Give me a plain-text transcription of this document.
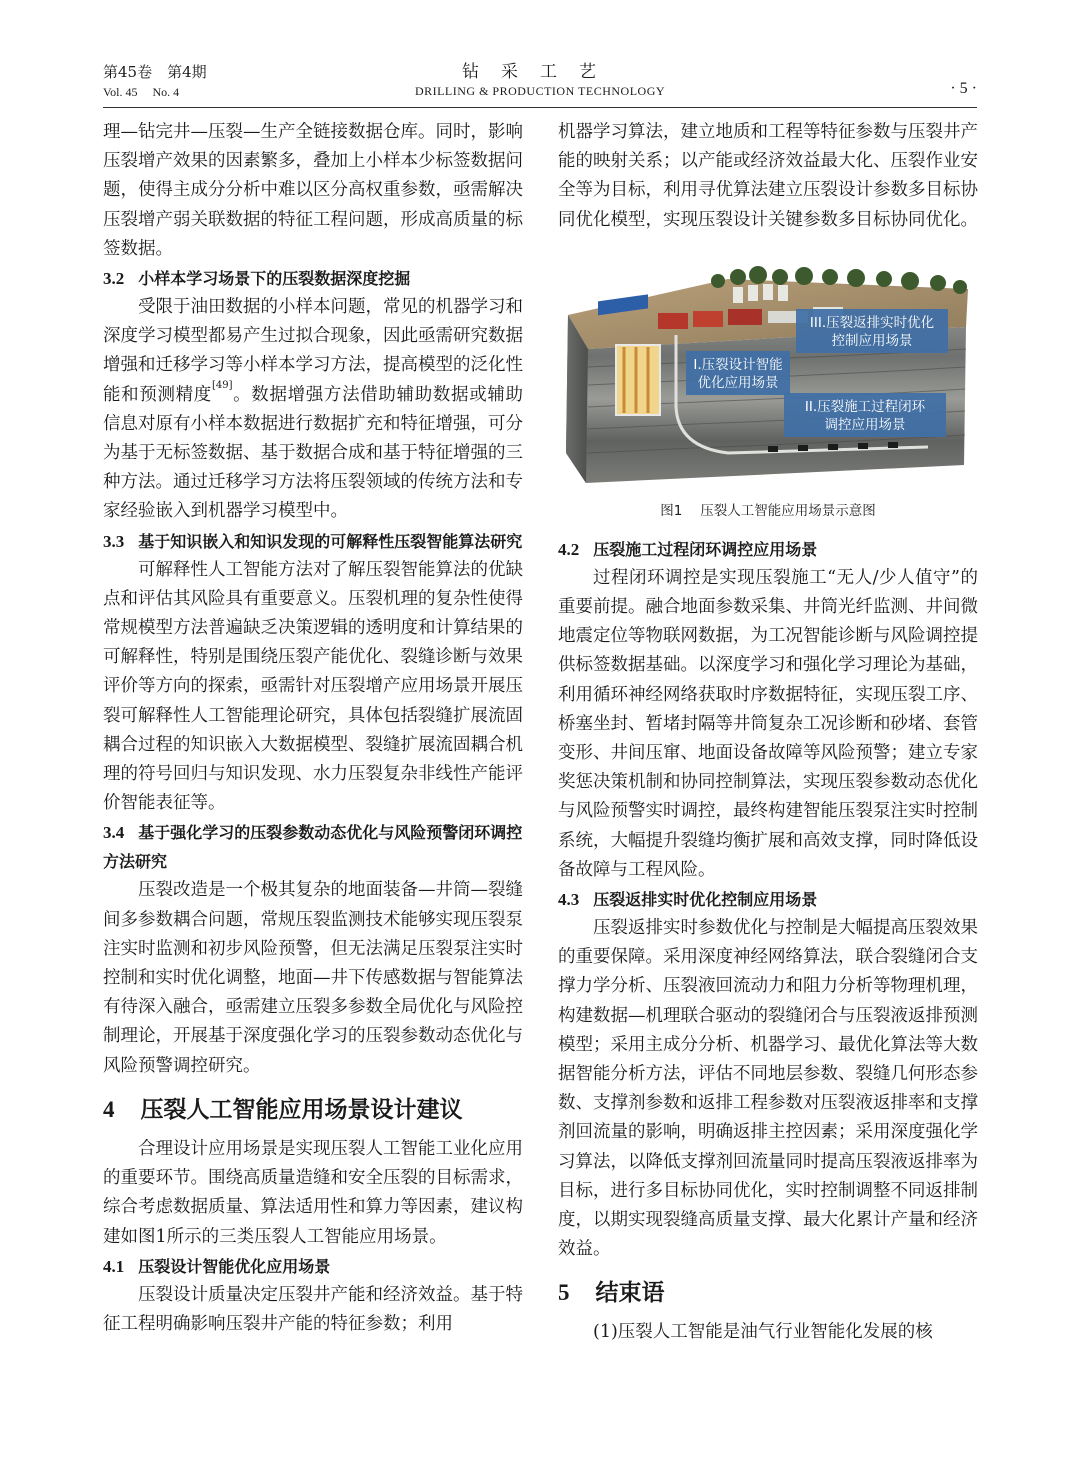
第45卷　第4期
Vol. 45　 No. 4
钻采工艺
DRILLING & PRODUCTION TECHNOLOGY	· 5 ·

理—钻完井—压裂—生产全链接数据仓库。同时，影响压裂增产效果的因素繁多，叠加上小样本少标签数据问题，使得主成分分析中难以区分高权重参数，亟需解决压裂增产弱关联数据的特征工程问题，形成高质量的标签数据。

3.2 小样本学习场景下的压裂数据深度挖掘

受限于油田数据的小样本问题，常见的机器学习和深度学习模型都易产生过拟合现象，因此亟需研究数据增强和迁移学习等小样本学习方法，提高模型的泛化性能和预测精度[49]。数据增强方法借助辅助数据或辅助信息对原有小样本数据进行数据扩充和特征增强，可分为基于无标签数据、基于数据合成和基于特征增强的三种方法。通过迁移学习方法将压裂领域的传统方法和专家经验嵌入到机器学习模型中。

3.3 基于知识嵌入和知识发现的可解释性压裂智能算法研究

可解释性人工智能方法对了解压裂智能算法的优缺点和评估其风险具有重要意义。压裂机理的复杂性使得常规模型方法普遍缺乏决策逻辑的透明度和计算结果的可解释性，特别是围绕压裂产能优化、裂缝诊断与效果评价等方向的探索，亟需针对压裂增产应用场景开展压裂可解释性人工智能理论研究，具体包括裂缝扩展流固耦合过程的知识嵌入大数据模型、裂缝扩展流固耦合机理的符号回归与知识发现、水力压裂复杂非线性产能评价智能表征等。

3.4 基于强化学习的压裂参数动态优化与风险预警闭环调控方法研究

压裂改造是一个极其复杂的地面装备—井筒—裂缝间多参数耦合问题，常规压裂监测技术能够实现压裂泵注实时监测和初步风险预警，但无法满足压裂泵注实时控制和实时优化调整，地面—井下传感数据与智能算法有待深入融合，亟需建立压裂多参数全局优化与风险控制理论，开展基于深度强化学习的压裂参数动态优化与风险预警调控研究。

4 压裂人工智能应用场景设计建议

合理设计应用场景是实现压裂人工智能工业化应用的重要环节。围绕高质量造缝和安全压裂的目标需求，综合考虑数据质量、算法适用性和算力等因素，建议构建如图1所示的三类压裂人工智能应用场景。

4.1 压裂设计智能优化应用场景

压裂设计质量决定压裂井产能和经济效益。基于特征工程明确影响压裂井产能的特征参数；利用

机器学习算法，建立地质和工程等特征参数与压裂井产能的映射关系；以产能或经济效益最大化、压裂作业安全等为目标，利用寻优算法建立压裂设计参数多目标协同优化模型，实现压裂设计关键参数多目标协同优化。

III.压裂返排实时优化
控制应用场景
I.压裂设计智能
优化应用场景
II.压裂施工过程闭环
调控应用场景
图1 压裂人工智能应用场景示意图
4.2 压裂施工过程闭环调控应用场景

过程闭环调控是实现压裂施工“无人/少人值守”的重要前提。融合地面参数采集、井筒光纤监测、井间微地震定位等物联网数据，为工况智能诊断与风险调控提供标签数据基础。以深度学习和强化学习理论为基础，利用循环神经网络获取时序数据特征，实现压裂工序、桥塞坐封、暂堵封隔等井筒复杂工况诊断和砂堵、套管变形、井间压窜、地面设备故障等风险预警；建立专家奖惩决策机制和协同控制算法，实现压裂参数动态优化与风险预警实时调控，最终构建智能压裂泵注实时控制系统，大幅提升裂缝均衡扩展和高效支撑，同时降低设备故障与工程风险。

4.3 压裂返排实时优化控制应用场景

压裂返排实时参数优化与控制是大幅提高压裂效果的重要保障。采用深度神经网络算法，联合裂缝闭合支撑力学分析、压裂液回流动力和阻力分析等物理机理，构建数据—机理联合驱动的裂缝闭合与压裂液返排预测模型；采用主成分分析、机器学习、最优化算法等大数据智能分析方法，评估不同地层参数、裂缝几何形态参数、支撑剂参数和返排工程参数对压裂液返排率和支撑剂回流量的影响，明确返排主控因素；采用深度强化学习算法，以降低支撑剂回流量同时提高压裂液返排率为目标，进行多目标协同优化，实时控制调整不同返排制度，以期实现裂缝高质量支撑、最大化累计产量和经济效益。

5 结束语

(1)压裂人工智能是油气行业智能化发展的核
